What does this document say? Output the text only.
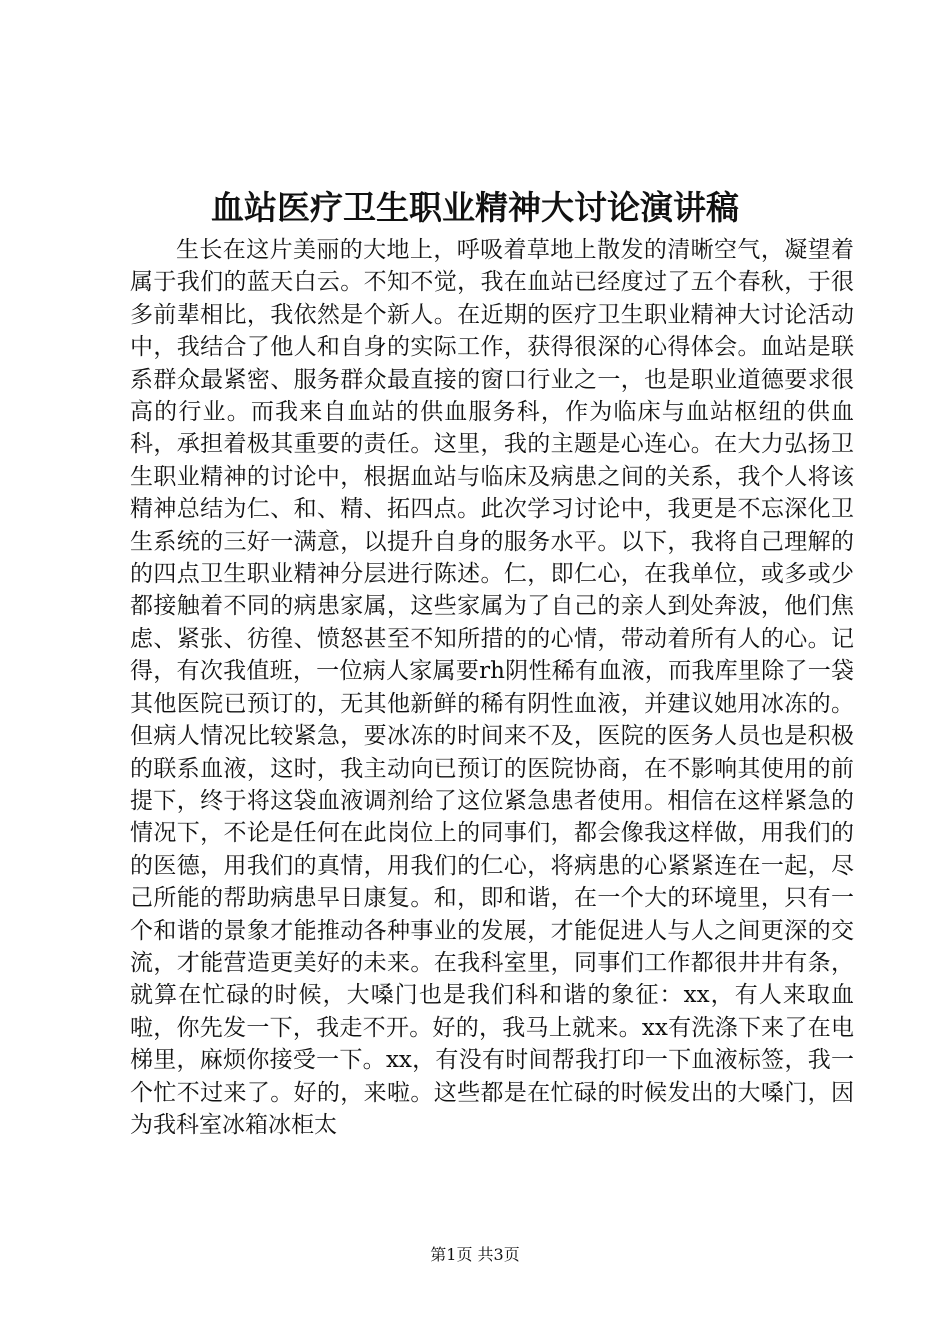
血站医疗卫生职业精神大讨论演讲稿

生长在这片美丽的大地上，呼吸着草地上散发的清晰空气，凝望着属于我们的蓝天白云。不知不觉，我在血站已经度过了五个春秋，于很多前辈相比，我依然是个新人。在近期的医疗卫生职业精神大讨论活动中，我结合了他人和自身的实际工作，获得很深的心得体会。血站是联系群众最紧密、服务群众最直接的窗口行业之一，也是职业道德要求很高的行业。而我来自血站的供血服务科，作为临床与血站枢纽的供血科，承担着极其重要的责任。这里，我的主题是心连心。在大力弘扬卫生职业精神的讨论中，根据血站与临床及病患之间的关系，我个人将该精神总结为仁、和、精、拓四点。此次学习讨论中，我更是不忘深化卫生系统的三好一满意，以提升自身的服务水平。以下，我将自己理解的的四点卫生职业精神分层进行陈述。仁，即仁心，在我单位，或多或少都接触着不同的病患家属，这些家属为了自己的亲人到处奔波，他们焦虑、紧张、彷徨、愤怒甚至不知所措的的心情，带动着所有人的心。记得，有次我值班，一位病人家属要rh阴性稀有血液，而我库里除了一袋其他医院已预订的，无其他新鲜的稀有阴性血液，并建议她用冰冻的。但病人情况比较紧急，要冰冻的时间来不及，医院的医务人员也是积极的联系血液，这时，我主动向已预订的医院协商，在不影响其使用的前提下，终于将这袋血液调剂给了这位紧急患者使用。相信在这样紧急的情况下，不论是任何在此岗位上的同事们，都会像我这样做，用我们的的医德，用我们的真情，用我们的仁心，将病患的心紧紧连在一起，尽己所能的帮助病患早日康复。和，即和谐，在一个大的环境里，只有一个和谐的景象才能推动各种事业的发展，才能促进人与人之间更深的交流，才能营造更美好的未来。在我科室里，同事们工作都很井井有条，就算在忙碌的时候，大嗓门也是我们科和谐的象征：xx，有人来取血啦，你先发一下，我走不开。好的，我马上就来。xx有洗涤下来了在电梯里，麻烦你接受一下。xx，有没有时间帮我打印一下血液标签，我一个忙不过来了。好的，来啦。这些都是在忙碌的时候发出的大嗓门，因为我科室冰箱冰柜太

第1页 共3页
